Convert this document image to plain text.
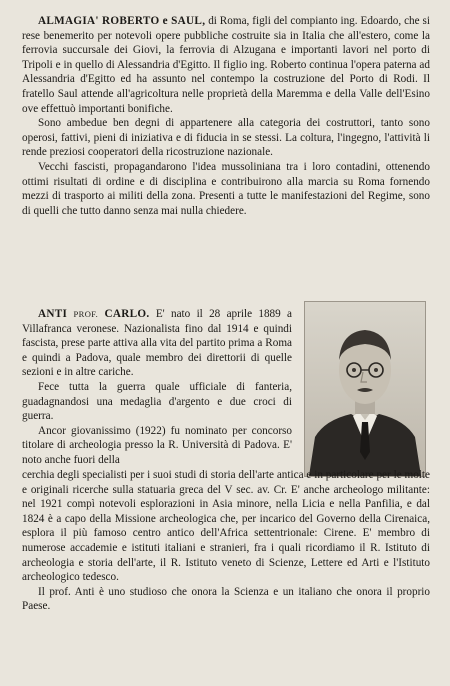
ALMAGIA' ROBERTO e SAUL, di Roma, figli del compianto ing. Edoardo, che si rese benemerito per notevoli opere pubbliche costruite sia in Italia che all'estero, come la ferrovia succursale dei Giovi, la ferrovia di Alzugana e importanti lavori nel porto di Tripoli e in quello di Alessandria d'Egitto. Il figlio ing. Roberto continua l'opera paterna ad Alessandria d'Egitto ed ha assunto nel contempo la costruzione del Porto di Rodi. Il fratello Saul attende all'agricoltura nelle proprietà della Maremma e della Valle dell'Esino ove effettuò importanti bonifiche.

Sono ambedue ben degni di appartenere alla categoria dei costruttori, tanto sono operosi, fattivi, pieni di iniziativa e di fiducia in se stessi. La coltura, l'ingegno, l'attività li rende preziosi cooperatori della ricostruzione nazionale.

Vecchi fascisti, propagandarono l'idea mussoliniana tra i loro contadini, ottenendo ottimi risultati di ordine e di disciplina e contribuirono alla marcia su Roma fornendo mezzi di trasporto ai militi della zona. Presenti a tutte le manifestazioni del Regime, sono di quelli che tutto danno senza mai nulla chiedere.

ANTI PROF. CARLO. E' nato il 28 aprile 1889 a Villafranca veronese. Nazionalista fino dal 1914 e quindi fascista, prese parte attiva alla vita del partito prima a Roma e quindi a Padova, quale membro dei direttorii di quelle sezioni e in altre cariche.

Fece tutta la guerra quale ufficiale di fanteria, guadagnandosi una medaglia d'argento e due croci di guerra.

Ancor giovanissimo (1922) fu nominato per concorso titolare di archeologia presso la R. Università di Padova. E' noto anche fuori della

cerchia degli specialisti per i suoi studi di storia dell'arte antica e in particolare per le molte e originali ricerche sulla statuaria greca del V sec. av. Cr. E' anche archeologo militante: nel 1921 compì notevoli esplorazioni in Asia minore, nella Licia e nella Panfilia, e dal 1824 è a capo della Missione archeologica che, per incarico del Governo della Cirenaica, esplora il più famoso centro antico dell'Africa settentrionale: Cirene. E' membro di numerose accademie e istituti italiani e stranieri, fra i quali ricordiamo il R. Istituto di archeologia e storia dell'arte, il R. Istituto veneto di Scienze, Lettere ed Arti e l'Istituto archeologico tedesco.

Il prof. Anti è uno studioso che onora la Scienza e un italiano che onora il proprio Paese.
